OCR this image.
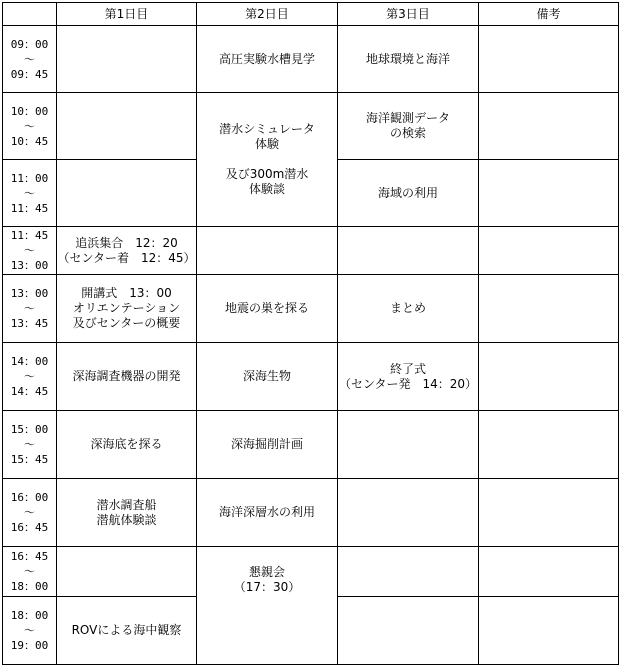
	第1日目	第2日目	第3日目	備考

09：00
～
09：45		高圧実験水槽見学	地球環境と海洋	

10：00
～
10：45		潜水シミュレータ
体験

及び300m潜水
体験談	海洋観測データ
の検索	

11：00
～
11：45			海域の利用	

11：45
～
13：00	追浜集合　12：20
（センター着　12：45）			

13：00
～
13：45	開講式　13：00
オリエンテーション
及びセンターの概要	地震の巣を探る	まとめ	

14：00
～
14：45	深海調査機器の開発	深海生物	終了式
（センター発　14：20）	

15：00
～
15：45	深海底を探る	深海掘削計画		

16：00
～
16：45	潜水調査船
潜航体験談	海洋深層水の利用		

16：45
～
18：00		懇親会
（17：30）		

18：00
～
19：00	ROVによる海中観察			
